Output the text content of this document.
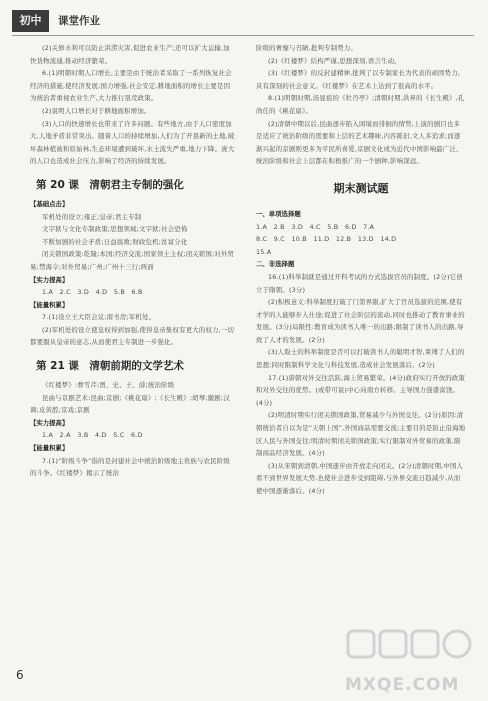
初中	课堂作业

(2)关修水利可以防止洪涝灾害,促进农业生产;还可以扩大运输,加快货物流通,推动经济繁荣。

6.(1)明朝时期人口增长,主要是由于统治者采取了一系列恢复社会经济的措施,使经济发展;国力增强,社会安定,耕地面积的增长主要是因为统治者重视农业生产,大力推行垦荒政策。

(2)说明人口增长对于耕地面积增加。

(3)人口的快速增长也带来了许多问题。有些地方,由于人口密度加大,人地矛盾非常突出。随着人口的持续增加,人们为了开垦新的土地,破坏森林植被和原始林,生态环境遭到破坏,水土流失严重,地力下降。庞大的人口也造成社会压力,影响了经济的持续发展。

第 20 课　清朝君主专制的强化

【基础点击】

军机处的设立;雍正;皇帝;君主专制

文字狱与文化专制政策;思想领域;文字狱;社会恐怖

不断加剧的社会矛盾;日益腐败;财政危机;贫富分化

闭关锁国政策:乾隆;本国;经济交流;国家领土主权;闭关锁国;对外贸易;禁海令;对外贸易;广州;广州十三行;两面

【实力提高】

1.A　2.C　3.D　4.D　5.B　6.B

【能量积累】

7.(1)设立王大臣会议;南书房;军机处。

(2)军机处的设立使皇权得到加强,使得皇帝集权有更大的权力,一切都要服从皇帝的意志,从而使君主专制进一步强化。

第 21 课　清朝前期的文学艺术

《红楼梦》:曹雪芹;贾、史、王、薛;统治阶级

昆曲与京剧艺术:昆曲;京剧;《桃花扇》;《长生殿》;胡琴;徽剧;汉调;皮黄腔;京戏;京剧

【实力提高】

1.A　2.A　3.B　4.D　5.C　6.D

【能量积累】

7.(1)“阶级斗争”指的是封建社会中统治阶级地主贵族与农民阶级的斗争。《红楼梦》揭示了统治

阶级的奢靡与丑陋,批判专制势力。

(2)《红楼梦》结构严谨,思想深刻,语言生动。

(3)《红楼梦》的反封建精神,批判了以专制家长为代表的顽固势力,具有深刻的社会意义。《红楼梦》在艺术上达到了很高的水平。

8.(1)明朝时期,汤显祖的《牡丹亭》;清朝时期,洪昇的《长生殿》,孔尚任的《桃花扇》。

(2)清朝中期以后,昆曲逐步陷入困境而徘徊的情势,上演的剧目也多是适应了统治阶级的需要和上层的艺术趣味,内容陈旧,文人多追求;而逐渐兴起的京剧则更多为平民所喜爱,京剧文化成为近代中国影响最广泛、统治阶级和社会上层都在积极推广的一个剧种,影响深远。

期末测试题

一、单项选择题

1.A　2.B　3.D　4.C　5.B　6.D　7.A

8.C　9.C　10.B　11.D　12.B　13.D　14.D

15.A

二、非选择题

16.(1)科举制就是通过开科考试的方式选拔官员的制度。(2分)它创立于隋朝。(3分)

(2)积极意义:科举制度打破了门第界限,扩大了官员选拔的范围,使有才学的人能够步入仕途;促进了社会阶层的流动,同时也推动了教育事业的发展。(3分)局限性:教育成为读书人唯一的出路;限制了读书人的出路,导致了人才的发展。(2分)

(3)人取士的科举制度是否可以打破读书人的聪明才智,束缚了人们的思想;同时限制科学文化与科技发展,造成社会发展落后。(2分)

17.(1)唐朝对外交往活跃,海上贸易繁荣。(4分)政府实行开放的政策和对外交往的优势。(或带可说)中心向南方转移。主导国力强盛富饶。(4分)

(2)明清时期实行闭关锁国政策,贸易减少与外国交往。(2分)原因:清朝统治者自以为是“天朝上国”,外国商品需要交流;主要目的是防止沿海地区人民与外国交往;明清时期闭关锁国政策;实行限制对外贸易的政策,限制商品经济发展。(4分)

(3)从宋朝到清朝,中国逐步由开放走向闭关。(2分)清朝时期,中国人看不到世界发展大势,也使社会进步受到阻碍,与外界交流日趋减少,从而使中国逐渐落后。(4分)

6	MXQE.COM
